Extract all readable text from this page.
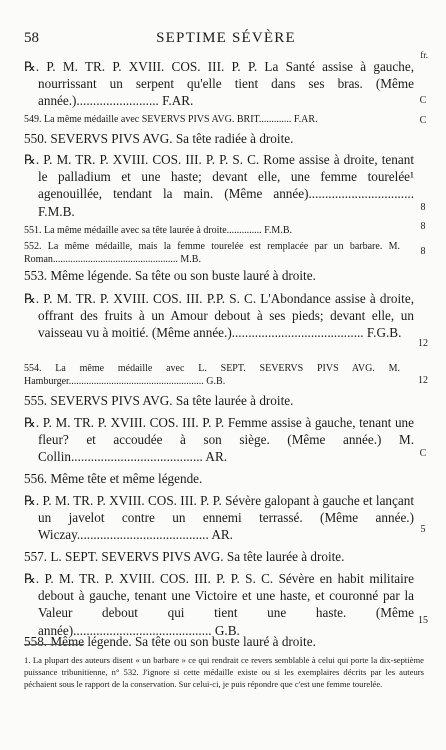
58	SEPTIME SÉVÈRE
fr.
℞. P. M. TR. P. XVIII. COS. III. P. P. La Santé assise à gauche, nourrissant un serpent qu'elle tient dans ses bras. (Même année.)......................... F.AR.
549. La même médaille avec SEVERVS PIVS AVG. BRIT............. F.AR.
550. SEVERVS PIVS AVG. Sa tête radiée à droite.
℞. P. M. TR. P. XVIII. COS. III. P. P. S. C. Rome assise à droite, tenant le palladium et une haste; devant elle, une femme tourelée¹ agenouillée, tendant la main. (Même année)................................ F.M.B.
551. La même médaille avec sa tête laurée à droite.............. F.M.B.
552. La même médaille, mais la femme tourelée est remplacée par un barbare. M. Roman.................................................. M.B.
553. Même légende. Sa tête ou son buste lauré à droite.
℞. P. M. TR. P. XVIII. COS. III. P.P. S. C. L'Abondance assise à droite, offrant des fruits à un Amour debout à ses pieds; devant elle, un vaisseau vu à moitié. (Même année.)........................................ F.G.B.
554. La même médaille avec L. SEPT. SEVERVS PIVS AVG. M. Hamburger...................................................... G.B.
555. SEVERVS PIVS AVG. Sa tête laurée à droite.
℞. P. M. TR. P. XVIII. COS. III. P. P. Femme assise à gauche, tenant une fleur? et accoudée à son siège. (Même année.) M. Collin........................................ AR.
556. Même tête et même légende.
℞. P. M. TR. P. XVIII. COS. III. P. P. Sévère galopant à gauche et lançant un javelot contre un ennemi terrassé. (Même année.) Wiczay........................................ AR.
557. L. SEPT. SEVERVS PIVS AVG. Sa tête laurée à droite.
℞. P. M. TR. P. XVIII. COS. III. P. P. S. C. Sévère en habit militaire debout à gauche, tenant une Victoire et une haste, et couronné par la Valeur debout qui tient une haste. (Même année).......................................... G.B.
558. Même légende. Sa tête ou son buste lauré à droite.
C
C
8
8
8
12
12
C
5
15
1. La plupart des auteurs disent « un barbare » ce qui rendrait ce revers semblable à celui qui porte la dix-septième puissance tribunitienne, n° 532. J'ignore si cette médaille existe ou si les exemplaires décrits par les auteurs péchaient sous le rapport de la conservation. Sur celui-ci, je puis répondre que c'est une femme tourelée.
